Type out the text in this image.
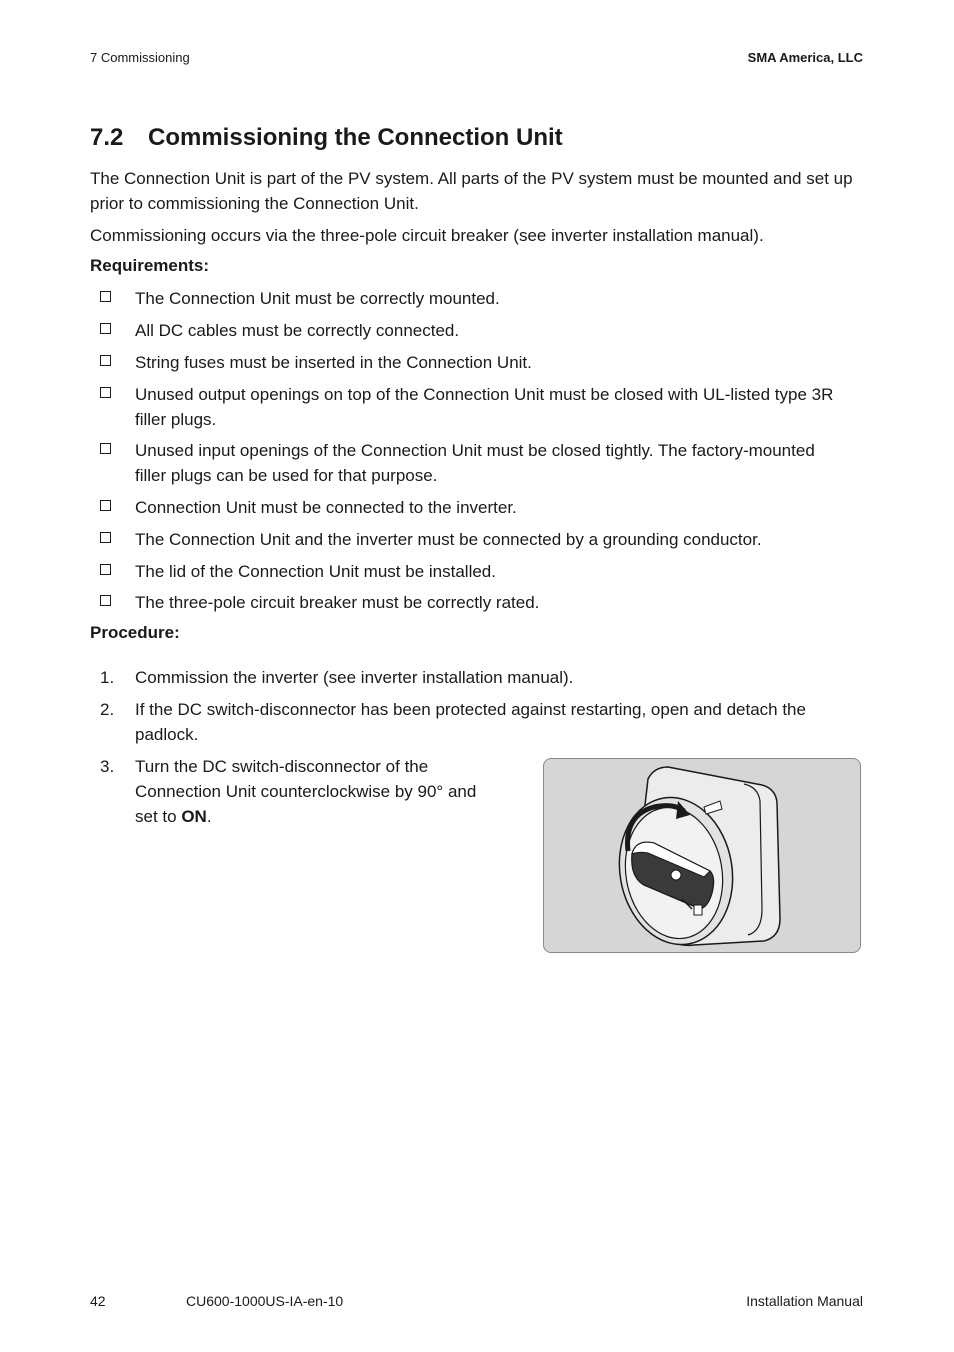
7 Commissioning	SMA America, LLC
7.2 Commissioning the Connection Unit

The Connection Unit is part of the PV system. All parts of the PV system must be mounted and set up prior to commissioning the Connection Unit.

Commissioning occurs via the three-pole circuit breaker (see inverter installation manual).

Requirements:
The Connection Unit must be correctly mounted.
All DC cables must be correctly connected.
String fuses must be inserted in the Connection Unit.
Unused output openings on top of the Connection Unit must be closed with UL-listed type 3R filler plugs.
Unused input openings of the Connection Unit must be closed tightly. The factory-mounted filler plugs can be used for that purpose.
Connection Unit must be connected to the inverter.
The Connection Unit and the inverter must be connected by a grounding conductor.
The lid of the Connection Unit must be installed.
The three-pole circuit breaker must be correctly rated.
Procedure:
1. Commission the inverter (see inverter installation manual).
2. If the DC switch-disconnector has been protected against restarting, open and detach the padlock.
3. Turn the DC switch-disconnector of the Connection Unit counterclockwise by 90° and set to ON.
42	CU600-1000US-IA-en-10	Installation Manual
